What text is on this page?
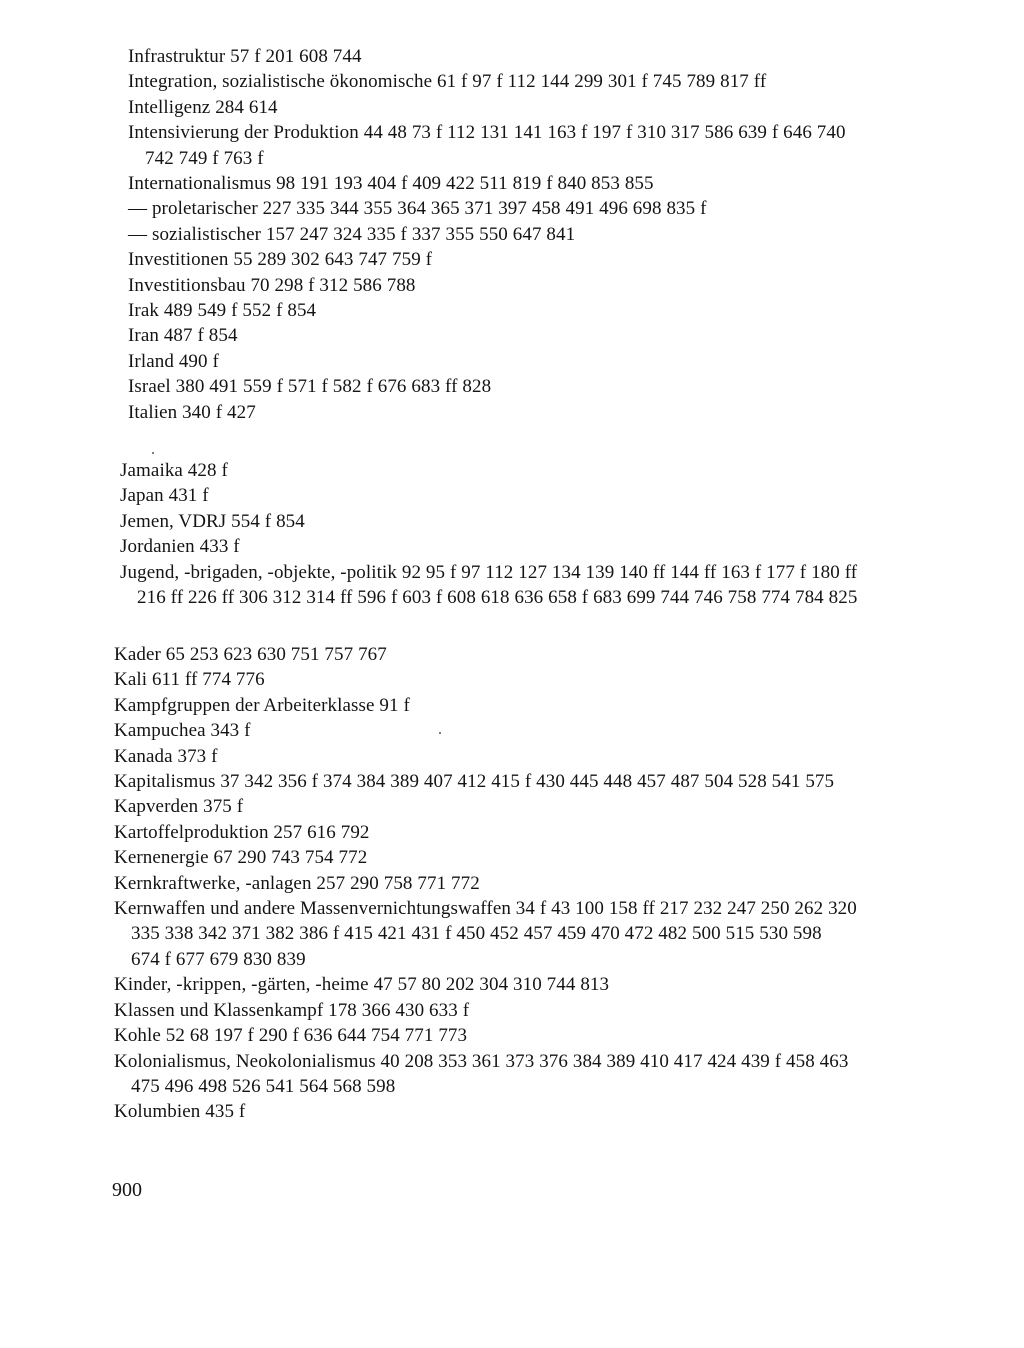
Infrastruktur 57 f 201 608 744
Integration, sozialistische ökonomische 61 f 97 f 112 144 299 301 f 745 789 817 ff
Intelligenz 284 614
Intensivierung der Produktion 44 48 73 f 112 131 141 163 f 197 f 310 317 586 639 f 646 740
742 749 f 763 f
Internationalismus 98 191 193 404 f 409 422 511 819 f 840 853 855
— proletarischer 227 335 344 355 364 365 371 397 458 491 496 698 835 f
— sozialistischer 157 247 324 335 f 337 355 550 647 841
Investitionen 55 289 302 643 747 759 f
Investitionsbau 70 298 f 312 586 788
Irak 489 549 f 552 f 854
Iran 487 f 854
Irland 490 f
Israel 380 491 559 f 571 f 582 f 676 683 ff 828
Italien 340 f 427
Jamaika 428 f
Japan 431 f
Jemen, VDRJ 554 f 854
Jordanien 433 f
Jugend, -brigaden, -objekte, -politik 92 95 f 97 112 127 134 139 140 ff 144 ff 163 f 177 f 180 ff
216 ff 226 ff 306 312 314 ff 596 f 603 f 608 618 636 658 f 683 699 744 746 758 774 784 825
Kader 65 253 623 630 751 757 767
Kali 611 ff 774 776
Kampfgruppen der Arbeiterklasse 91 f
Kampuchea 343 f
Kanada 373 f
Kapitalismus 37 342 356 f 374 384 389 407 412 415 f 430 445 448 457 487 504 528 541 575
Kapverden 375 f
Kartoffelproduktion 257 616 792
Kernenergie 67 290 743 754 772
Kernkraftwerke, -anlagen 257 290 758 771 772
Kernwaffen und andere Massenvernichtungswaffen 34 f 43 100 158 ff 217 232 247 250 262 320
335 338 342 371 382 386 f 415 421 431 f 450 452 457 459 470 472 482 500 515 530 598
674 f 677 679 830 839
Kinder, -krippen, -gärten, -heime 47 57 80 202 304 310 744 813
Klassen und Klassenkampf 178 366 430 633 f
Kohle 52 68 197 f 290 f 636 644 754 771 773
Kolonialismus, Neokolonialismus 40 208 353 361 373 376 384 389 410 417 424 439 f 458 463
475 496 498 526 541 564 568 598
Kolumbien 435 f
900
